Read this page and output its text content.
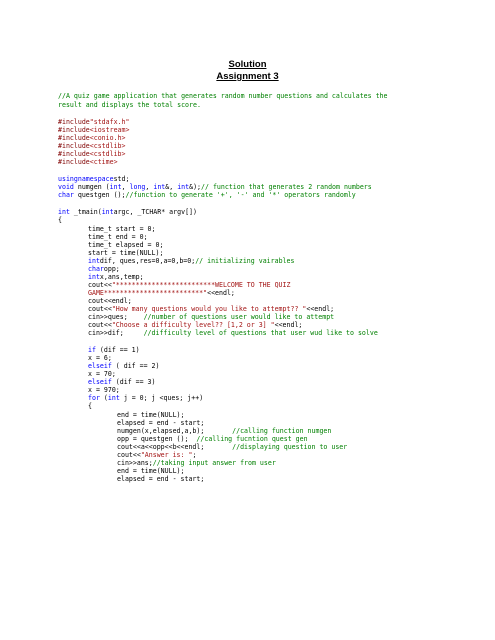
Solution
Assignment 3
//A quiz game application that generates random number questions and calculates the
result and displays the total score.
#include"stdafx.h"
#include<iostream>
#include<conio.h>
#include<cstdlib>
#include<cstdlib>
#include<ctime>
usingnamespacestd;
void numgen (int, long, int&, int&);// function that generates 2 random numbers
char questgen ();//function to generate '+', '-' and '*' operators randomly
int _tmain(intargc, _TCHAR* argv[])
{
time_t start = 0;
time_t end = 0;
time_t elapsed = 0;
start = time(NULL);
intdif, ques,res=0,a=0,b=0;// initializing vairables
charopp;
intx,ans,temp;
cout<<"*************************WELCOME TO THE QUIZ
GAME*************************"<<endl;
cout<<endl;
cout<<"How many questions would you like to attempt?? "<<endl;
cin>>ques;    //number of questions user would like to attempt
cout<<"Choose a difficulty level?? [1,2 or 3] "<<endl;
cin>>dif;     //difficulty level of questions that user wud like to solve
if (dif == 1)
x = 6;
elseif ( dif == 2)
x = 70;
elseif (dif == 3)
x = 970;
for (int j = 0; j <ques; j++)
{
end = time(NULL);
elapsed = end - start;
numgen(x,elapsed,a,b);       //calling function numgen
opp = questgen ();  //calling fucntion quest gen
cout<<a<<opp<<b<<endl;       //displaying question to user
cout<<"Answer is: ";
cin>>ans;//taking input answer from user
end = time(NULL);
elapsed = end - start;
